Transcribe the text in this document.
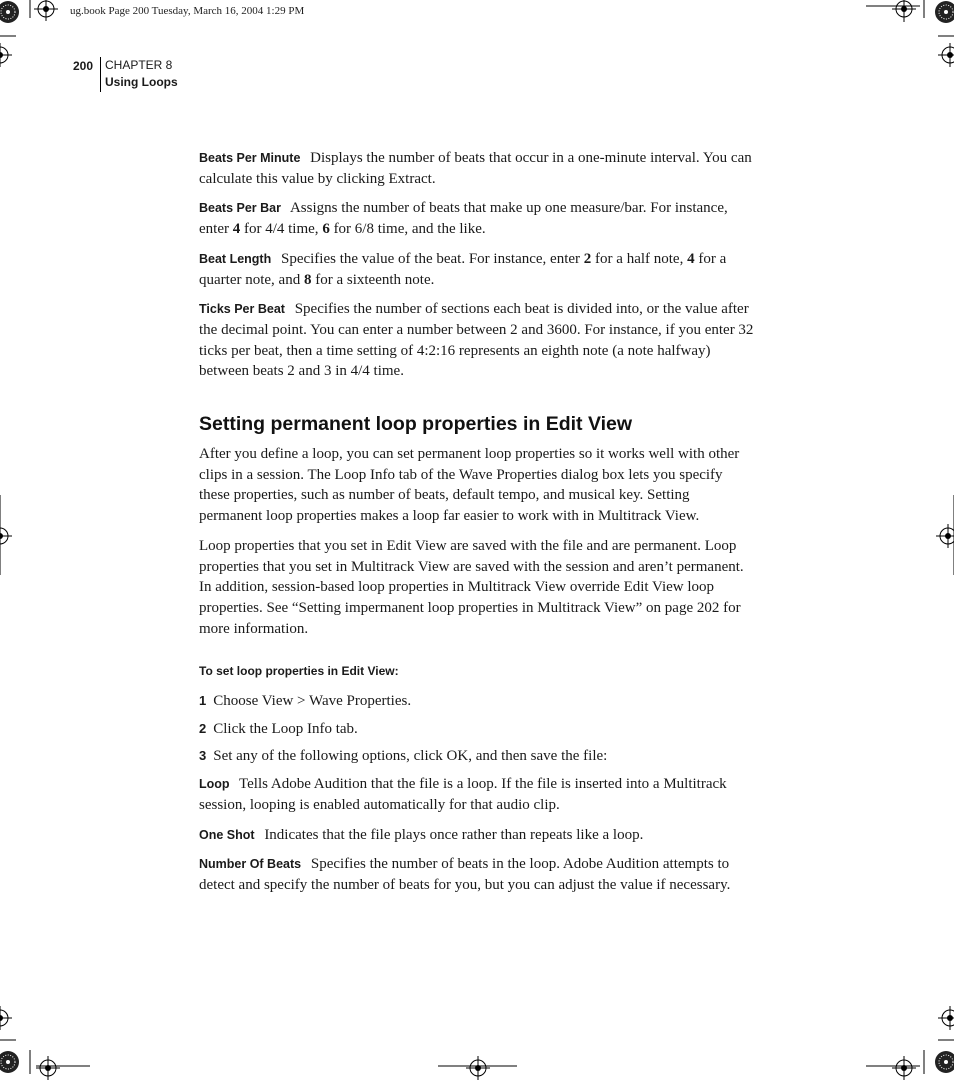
ug.book Page 200 Tuesday, March 16, 2004 1:29 PM
200 CHAPTER 8
Using Loops

Beats Per Minute Displays the number of beats that occur in a one-minute interval. You can calculate this value by clicking Extract.

Beats Per Bar Assigns the number of beats that make up one measure/bar. For instance, enter 4 for 4/4 time, 6 for 6/8 time, and the like.

Beat Length Specifies the value of the beat. For instance, enter 2 for a half note, 4 for a quarter note, and 8 for a sixteenth note.

Ticks Per Beat Specifies the number of sections each beat is divided into, or the value after the decimal point. You can enter a number between 2 and 3600. For instance, if you enter 32 ticks per beat, then a time setting of 4:2:16 represents an eighth note (a note halfway) between beats 2 and 3 in 4/4 time.

Setting permanent loop properties in Edit View

After you define a loop, you can set permanent loop properties so it works well with other clips in a session. The Loop Info tab of the Wave Properties dialog box lets you specify these properties, such as number of beats, default tempo, and musical key. Setting permanent loop properties makes a loop far easier to work with in Multitrack View.

Loop properties that you set in Edit View are saved with the file and are permanent. Loop properties that you set in Multitrack View are saved with the session and aren’t permanent. In addition, session-based loop properties in Multitrack View override Edit View loop properties. See “Setting impermanent loop properties in Multitrack View” on page 202 for more information.

To set loop properties in Edit View:

1 Choose View > Wave Properties.

2 Click the Loop Info tab.

3 Set any of the following options, click OK, and then save the file:

Loop Tells Adobe Audition that the file is a loop. If the file is inserted into a Multitrack session, looping is enabled automatically for that audio clip.

One Shot Indicates that the file plays once rather than repeats like a loop.

Number Of Beats Specifies the number of beats in the loop. Adobe Audition attempts to detect and specify the number of beats for you, but you can adjust the value if necessary.
